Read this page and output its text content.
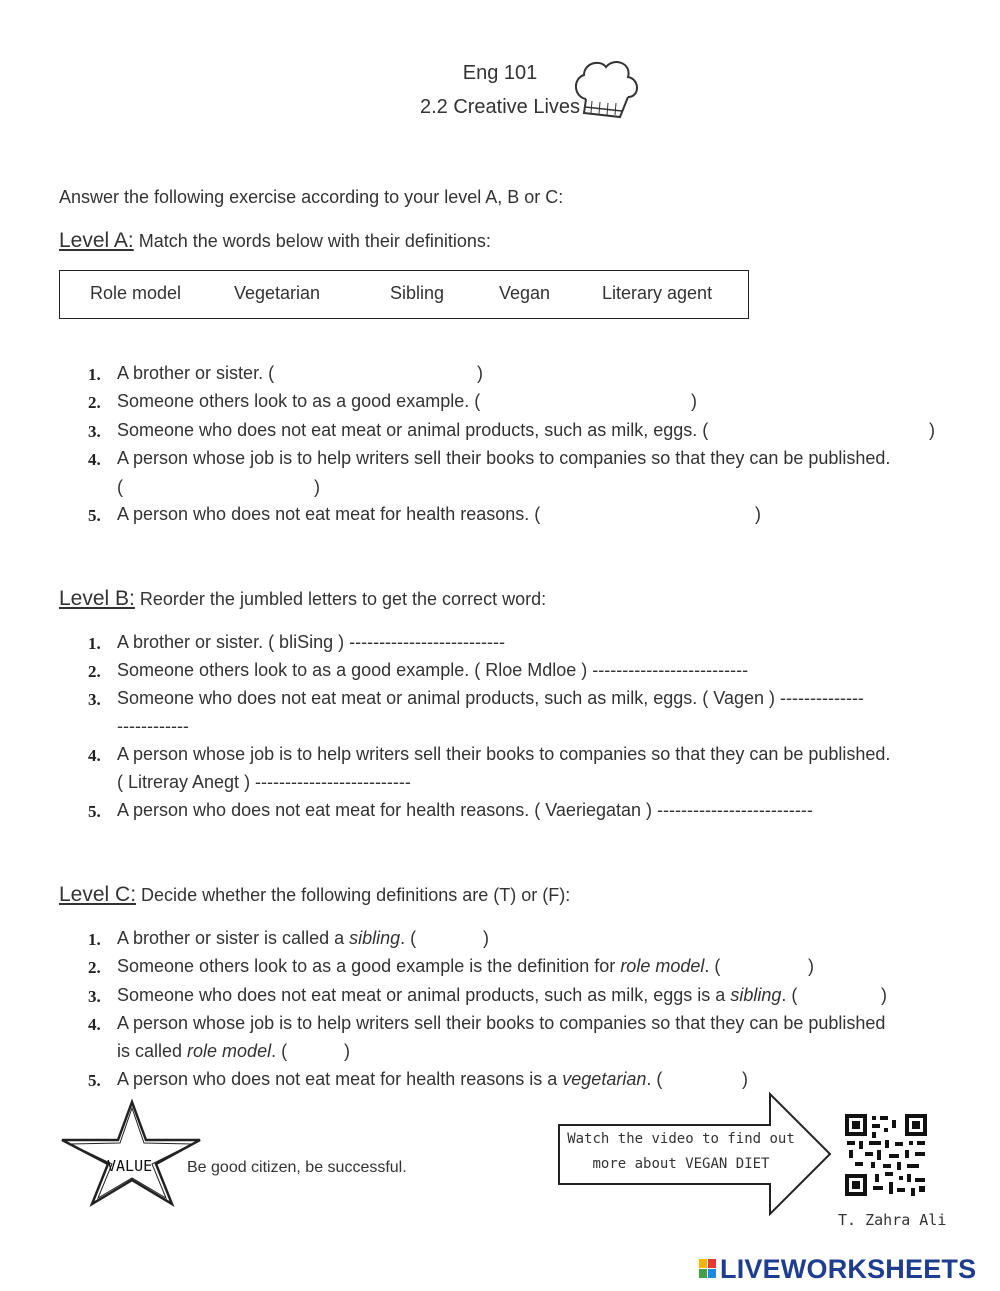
Eng 101
2.2 Creative Lives
Answer the following exercise according to your level A, B or C:
Level A: Match the words below with their definitions:
Role model	Vegetarian	Sibling	Vegan	Literary agent
1. A brother or sister. (	)
2. Someone others look to as a good example. (	)
3. Someone who does not eat meat or animal products, such as milk, eggs. (	)
4. A person whose job is to help writers sell their books to companies so that they can be published.
(	)
5. A person who does not eat meat for health reasons. (	)
Level B: Reorder the jumbled letters to get the correct word:
1. A brother or sister. ( bliSing ) --------------------------
2. Someone others look to as a good example. ( Rloe Mdloe ) --------------------------
3. Someone who does not eat meat or animal products, such as milk, eggs. ( Vagen ) --------------
------------
4. A person whose job is to help writers sell their books to companies so that they can be published.
( Litreray Anegt ) --------------------------
5. A person who does not eat meat for health reasons. ( Vaeriegatan ) --------------------------
Level C: Decide whether the following definitions are (T) or (F):
1. A brother or sister is called a sibling. (	)
2. Someone others look to as a good example is the definition for role model. (	)
3. Someone who does not eat meat or animal products, such as milk, eggs is a sibling. (	)
4. A person whose job is to help writers sell their books to companies so that they can be published
is called role model. (	)
5. A person who does not eat meat for health reasons is a vegetarian. (	)
VALUE Be good citizen, be successful.
Watch the video to find out
more about VEGAN DIET
T. Zahra Ali
LIVEWORKSHEETS
